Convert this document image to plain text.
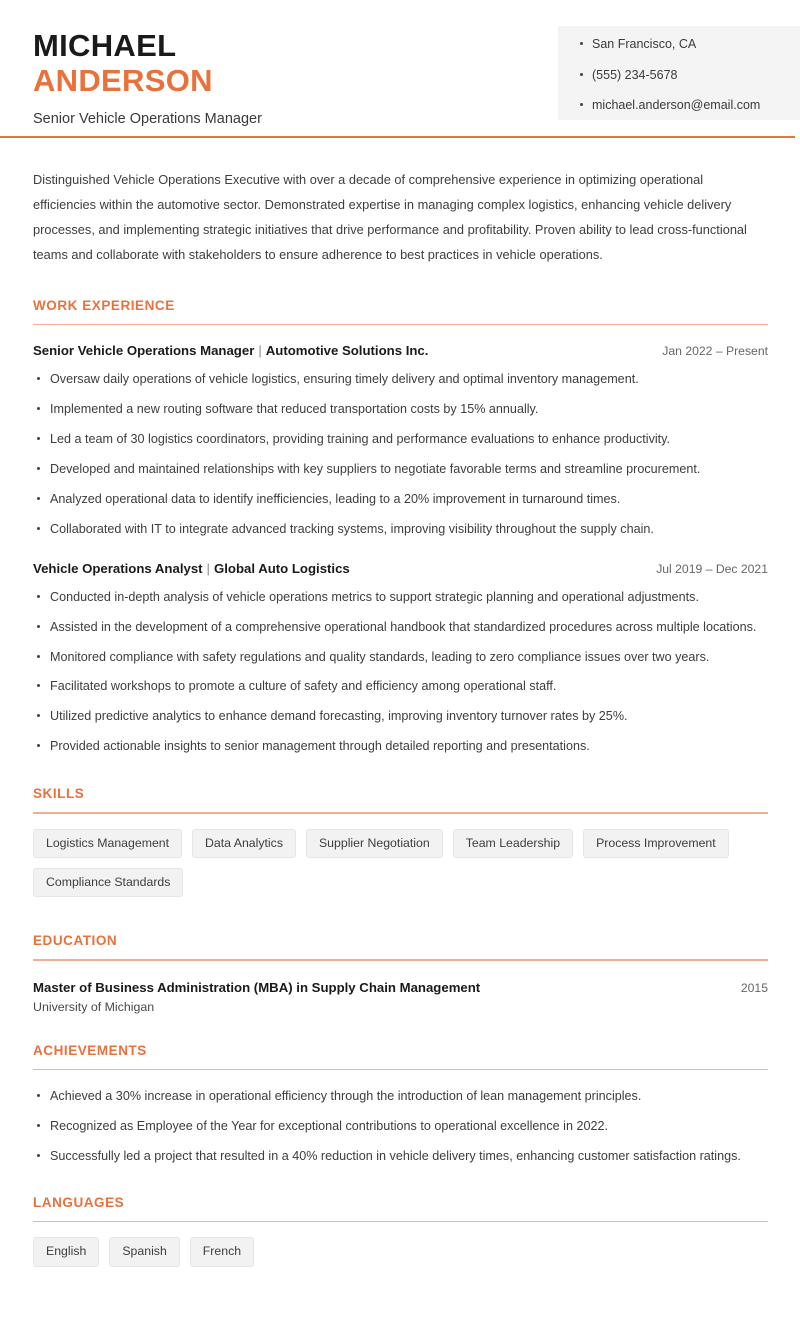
MICHAEL
ANDERSON
Senior Vehicle Operations Manager
San Francisco, CA
(555) 234-5678
michael.anderson@email.com
Distinguished Vehicle Operations Executive with over a decade of comprehensive experience in optimizing operational efficiencies within the automotive sector. Demonstrated expertise in managing complex logistics, enhancing vehicle delivery processes, and implementing strategic initiatives that drive performance and profitability. Proven ability to lead cross-functional teams and collaborate with stakeholders to ensure adherence to best practices in vehicle operations.
WORK EXPERIENCE
Senior Vehicle Operations Manager | Automotive Solutions Inc.	Jan 2022 – Present
Oversaw daily operations of vehicle logistics, ensuring timely delivery and optimal inventory management.
Implemented a new routing software that reduced transportation costs by 15% annually.
Led a team of 30 logistics coordinators, providing training and performance evaluations to enhance productivity.
Developed and maintained relationships with key suppliers to negotiate favorable terms and streamline procurement.
Analyzed operational data to identify inefficiencies, leading to a 20% improvement in turnaround times.
Collaborated with IT to integrate advanced tracking systems, improving visibility throughout the supply chain.
Vehicle Operations Analyst | Global Auto Logistics	Jul 2019 – Dec 2021
Conducted in-depth analysis of vehicle operations metrics to support strategic planning and operational adjustments.
Assisted in the development of a comprehensive operational handbook that standardized procedures across multiple locations.
Monitored compliance with safety regulations and quality standards, leading to zero compliance issues over two years.
Facilitated workshops to promote a culture of safety and efficiency among operational staff.
Utilized predictive analytics to enhance demand forecasting, improving inventory turnover rates by 25%.
Provided actionable insights to senior management through detailed reporting and presentations.
SKILLS
Logistics Management	Data Analytics	Supplier Negotiation	Team Leadership	Process Improvement
Compliance Standards
EDUCATION
Master of Business Administration (MBA) in Supply Chain Management	2015
University of Michigan
ACHIEVEMENTS
Achieved a 30% increase in operational efficiency through the introduction of lean management principles.
Recognized as Employee of the Year for exceptional contributions to operational excellence in 2022.
Successfully led a project that resulted in a 40% reduction in vehicle delivery times, enhancing customer satisfaction ratings.
LANGUAGES
English	Spanish	French
